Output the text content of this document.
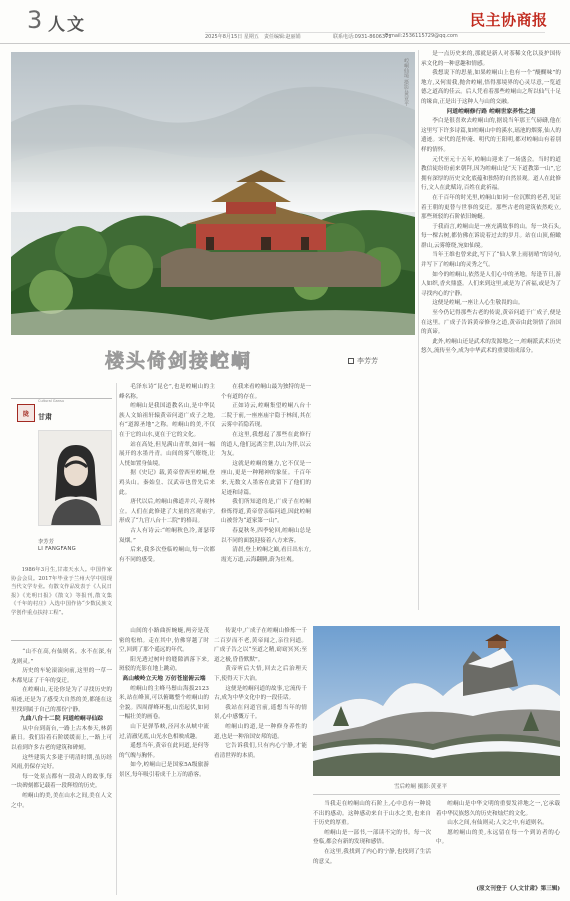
3 人文
2025年8月15日 星期五 责任编辑:赵丽娟	联系电话:0931-8606371
E-mail:2536115729@qq.com
民主协商报
崆峒仙境 摄影:黄亚平
楼头倚剑接崆峒	李芳芳

是一点历史来的,那就是新人对茶稀文化以及护国传承文化的一种意趣和情感。

我想说下的思量,如果崆峒山上也有一个“醍醐味”的地方,又何需我,抛舍崆峒,悟得那境界的心灵尽意,一览道德之道高的佳云。后人凭看着那些崆峒山之所以仙气十足的缘由,正是出于这种人与山的交融。

问道崆峒修行路 崆峒世家养性之道

李白是很喜欢去崆峒山的,据说当年那王气磅礴,他在这里写下许多诗篇,如崆峒山中的溪水,瑶池的烟雾,仙人的遗迹。宋代的范仲淹、明代的王阳明,都对崆峒山有着别样的情怀。

元代至元十五年,崆峒山迎来了一场盛会。当时的道教信徒纷纷前来朝拜,因为崆峒山是“天下道教第一山”,它拥有深厚的历史文化底蕴和独特的自然景观。道人在此修行,文人在此赋诗,百姓在此祈福。

在千百年的时光里,崆峒山如同一位沉默的老者,见证着王朝的更替与世事的变迁。那些古老的建筑依然屹立,那些斑驳的石阶依旧蜿蜒。

于我而言,崆峒山是一座充满故事的山。每一块石头,每一棵古树,都仿佛在诉说着过去的岁月。站在山顶,俯瞰群山,云雾缭绕,宛如仙境。

当年王维也曾来此,写下了“仙人掌上雨初晴”的诗句,并写下了崆峒山的灵秀之气。

如今的崆峒山,依然是人们心中的圣地。每逢节日,游人如织,香火鼎盛。人们来到这里,或是为了祈福,或是为了寻找内心的宁静。

这便是崆峒,一座让人心生敬畏的山。

至今仍记得那些古老的传说,黄帝问道于广成子,便是在这里。广成子告诉黄帝修身之道,黄帝由此领悟了治国的真谛。

此外,崆峒山还是武术的发源地之一,崆峒派武术历史悠久,流传至今,成为中华武术的重要组成部分。

陇
Cultural Gansu
甘肃
李芳芳
LI FANGFANG
1986年3月生,甘肃天水人。中国作家协会会员。2017年毕业于兰州大学中国现当代文学专业。有散文作品发表于《人民日报》《光明日报》《散文》等报刊,散文集《千年的村庄》入选中国作协“少数民族文学创作重点扶持工程”。

毛泽东诗“昆仑”,也是崆峒山的主峰名称。

崆峒山是我国道教名山,是中华民族人文始祖轩辕黄帝问道广成子之地,有“道源圣地”之称。崆峒山的美,不仅在于它的山水,更在于它的文化。

站在高处,但见满山青翠,如同一幅展开的水墨丹青。山间的雾气缭绕,让人恍如置身仙境。

据《史记》载,黄帝曾西至崆峒,登鸡头山。秦始皇、汉武帝也曾先后来此。

唐代以后,崆峒山佛道并兴,寺观林立。人们在此修建了大量的宫观庙宇,形成了“九宫八台十二院”的格局。

古人有诗云:“崆峒秋色冷,萧瑟带岚烟。”

后来,我多次登临崆峒山,每一次都有不同的感受。

在我来看崆峒山最为独特的是一个有道的存在。

正如诗云,崆峒集望崆峒八台十二院于前,一座座庙宇隐于林间,其在云雾中若隐若现。

在这里,我想起了那些在此修行的道人,他们远离尘世,以山为伴,以云为友。

这就是崆峒的魅力,它不仅是一座山,更是一种精神的象征。千百年来,无数文人墨客在此留下了他们的足迹和诗篇。

我们所知道的是,广成子在崆峒修炼得道,黄帝曾亲临问道,因此崆峒山被誉为“道家第一山”。

春夏秋冬,四季轮回,崆峒山总是以不同的面貌迎接着八方来客。

清晨,登上崆峒之巅,看日出东方,霞光万道,云海翻腾,蔚为壮观。

“山不在高,有仙则名。水不在深,有龙则灵。”

历史的车轮滚滚向前,这里的一草一木都见证了千年的变迁。

在崆峒山,无论你是为了寻找历史的痕迹,还是为了感受大自然的美,都能在这里找到属于自己的那份宁静。

九曲八台十二院 问道崆峒寻仙踪

从中台到南台,一路上古木参天,林荫蔽日。我们沿着石阶缓缓而上,一路上可以看到许多古老的建筑和碑刻。

这些建筑大多建于明清时期,虽历经风雨,仍保存完好。

每一处景点都有一段动人的故事,每一块碑刻都记载着一段辉煌的历史。

崆峒山的美,美在山水之间,美在人文之中。

山间的小路曲折蜿蜒,两旁是茂密的松柏。走在其中,仿佛穿越了时空,回到了那个遥远的年代。

阳光透过树叶的缝隙洒落下来,斑驳的光影在地上跳动。

高山峻岭立天地 万仞苍崖俯云端

崆峒山的主峰马鬃山海拔2123米,站在峰顶,可以俯瞰整个崆峒山的全貌。四周群峰环抱,山峦起伏,如同一幅壮美的画卷。

山下是弹筝峡,泾河水从峡中流过,清澈见底,山光水色相映成趣。

遥想当年,黄帝在此问道,是何等的气魄与胸怀。

如今,崆峒山已是国家5A级旅游景区,每年吸引着成千上万的游客。

传说中,广成子在崆峒山修炼一千二百岁而不老,黄帝闻之,亲往问道。广成子告之以“至道之精,窈窈冥冥;至道之极,昏昏默默”。

黄帝听后大悟,回去之后治理天下,使得天下大治。

这便是崆峒问道的故事,它流传千古,成为中华文化中的一段佳话。

我站在问道宫前,遥想当年的情景,心中感慨万千。

崆峒山的道,是一种修身养性的道,也是一种治国安邦的道。

它告诉我们,只有内心宁静,才能看清世界的本质。

雪后崆峒 摄影:黄亚平

当我走在崆峒山的石阶上,心中总有一种说不出的感动。这种感动来自于山水之美,也来自于历史的厚重。

崆峒山是一部书,一部读不完的书。每一次登临,都会有新的发现和感悟。

在这里,我找到了内心的宁静,也找到了生活的意义。

崆峒山是中华文明的重要发祥地之一,它承载着中华民族悠久的历史和灿烂的文化。

山水之间,有仙则灵;人文之中,有道则名。

愿崆峒山的美,永远留在每一个到访者的心中。

(原文刊登于《人文甘肃》第三辑)
